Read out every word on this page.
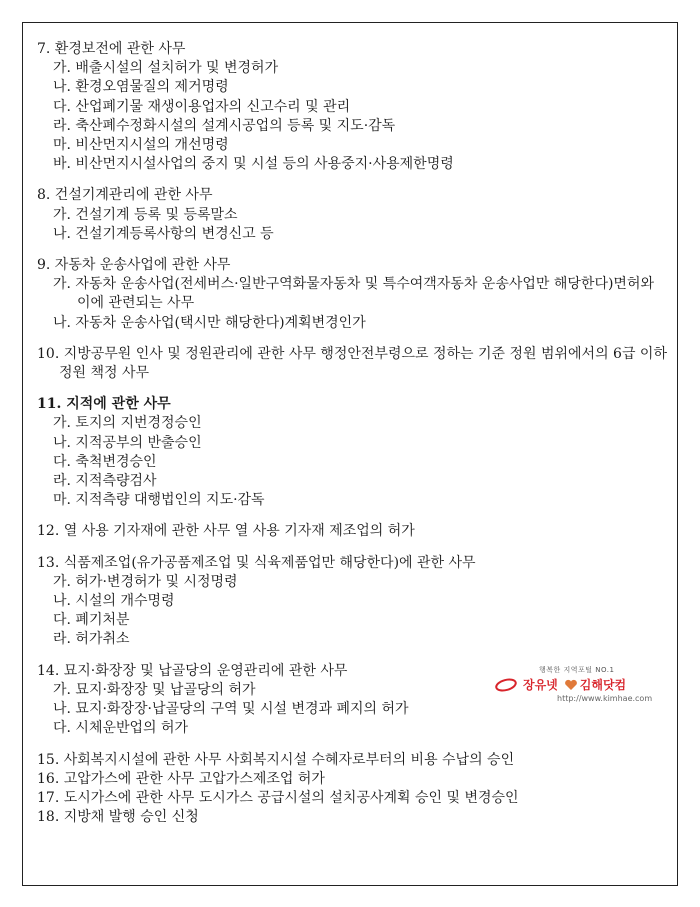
7. 환경보전에 관한 사무
가. 배출시설의 설치허가 및 변경허가
나. 환경오염물질의 제거명령
다. 산업폐기물 재생이용업자의 신고수리 및 관리
라. 축산폐수정화시설의 설계시공업의 등록 및 지도·감독
마. 비산먼지시설의 개선명령
바. 비산먼지시설사업의 중지 및 시설 등의 사용중지·사용제한명령
8. 건설기계관리에 관한 사무
가. 건설기계 등록 및 등록말소
나. 건설기계등록사항의 변경신고 등
9. 자동차 운송사업에 관한 사무
가. 자동차 운송사업(전세버스·일반구역화물자동차 및 특수여객자동차 운송사업만 해당한다)면허와 이에 관련되는 사무
나. 자동차 운송사업(택시만 해당한다)계획변경인가
10. 지방공무원 인사 및 정원관리에 관한 사무 행정안전부령으로 정하는 기준 정원 범위에서의 6급 이하 정원 책정 사무
11. 지적에 관한 사무
가. 토지의 지번경정승인
나. 지적공부의 반출승인
다. 축척변경승인
라. 지적측량검사
마. 지적측량 대행법인의 지도·감독
12. 열 사용 기자재에 관한 사무 열 사용 기자재 제조업의 허가
13. 식품제조업(유가공품제조업 및 식육제품업만 해당한다)에 관한 사무
가. 허가·변경허가 및 시정명령
나. 시설의 개수명령
다. 폐기처분
라. 허가취소
14. 묘지·화장장 및 납골당의 운영관리에 관한 사무
가. 묘지·화장장 및 납골당의 허가
나. 묘지·화장장·납골당의 구역 및 시설 변경과 폐지의 허가
다. 시체운반업의 허가
15. 사회복지시설에 관한 사무 사회복지시설 수혜자로부터의 비용 수납의 승인
16. 고압가스에 관한 사무 고압가스제조업 허가
17. 도시가스에 관한 사무 도시가스 공급시설의 설치공사계획 승인 및 변경승인
18. 지방채 발행 승인 신청
행복한 지역포털 NO.1
장유넷 김해닷컴
http://www.kimhae.com
